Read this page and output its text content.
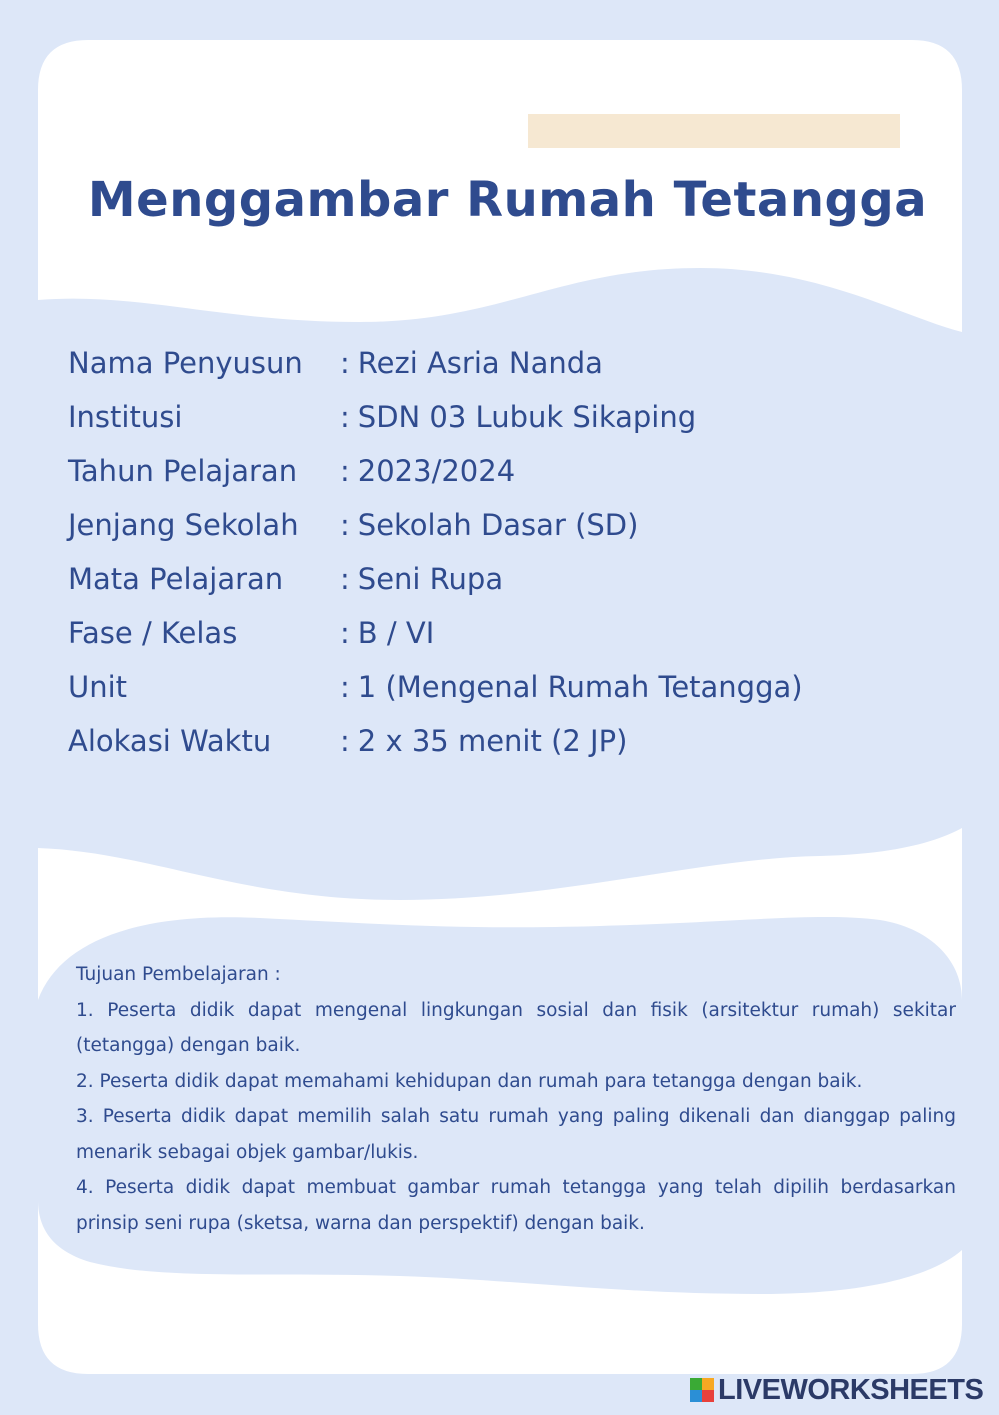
Menggambar Rumah Tetangga
Nama Penyusun	: Rezi Asria Nanda
Institusi	: SDN 03 Lubuk Sikaping
Tahun Pelajaran	: 2023/2024
Jenjang Sekolah	: Sekolah Dasar (SD)
Mata Pelajaran	: Seni Rupa
Fase / Kelas	: B / VI
Unit	: 1 (Mengenal Rumah Tetangga)
Alokasi Waktu	: 2 x 35 menit (2 JP)

Tujuan Pembelajaran :

1. Peserta didik dapat mengenal lingkungan sosial dan fisik (arsitektur rumah) sekitar (tetangga) dengan baik.

2. Peserta didik dapat memahami kehidupan dan rumah para tetangga dengan baik.

3. Peserta didik dapat memilih salah satu rumah yang paling dikenali dan dianggap paling menarik sebagai objek gambar/lukis.

4. Peserta didik dapat membuat gambar rumah tetangga yang telah dipilih berdasarkan prinsip seni rupa (sketsa, warna dan perspektif) dengan baik.

LIVEWORKSHEETS
